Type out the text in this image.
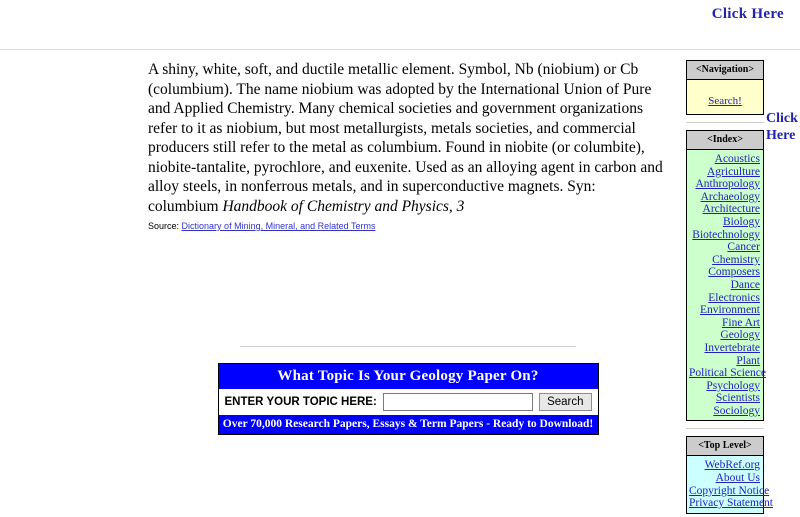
Click Here

A shiny, white, soft, and ductile metallic element. Symbol, Nb (niobium) or Cb (columbium). The name niobium was adopted by the International Union of Pure and Applied Chemistry. Many chemical societies and government organizations refer to it as niobium, but most metallurgists, metals societies, and commercial producers still refer to the metal as columbium. Found in niobite (or columbite), niobite-tantalite, pyrochlore, and euxenite. Used as an alloying agent in carbon and alloy steels, in nonferrous metals, and in superconductive magnets. Syn: columbium Handbook of Chemistry and Physics, 3

Source: Dictionary of Mining, Mineral, and Related Terms
What Topic Is Your Geology Paper On?
ENTER YOUR TOPIC HERE:	Search
Over 70,000 Research Papers, Essays & Term Papers - Ready to Download!
<Navigation>
Search!
<Index>
Acoustics
Agriculture
Anthropology
Archaeology
Architecture
Biology
Biotechnology
Cancer
Chemistry
Composers
Dance
Electronics
Environment
Fine Art
Geology
Invertebrate
Plant
Political Science
Psychology
Scientists
Sociology
<Top Level>
WebRef.org
About Us
Copyright Notice
Privacy Statement
Click Here
